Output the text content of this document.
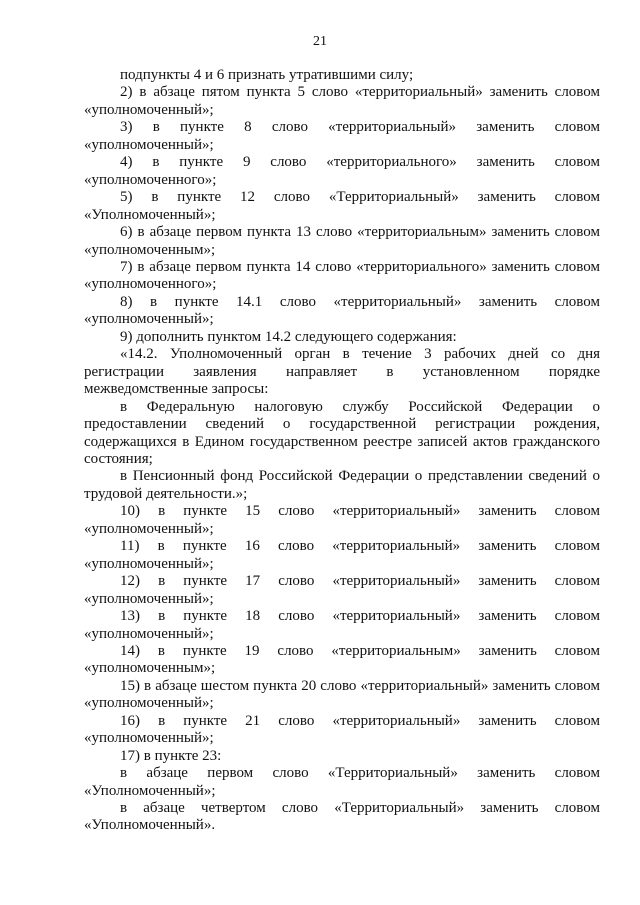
21
подпункты 4 и 6 признать утратившими силу;
2) в абзаце пятом пункта 5 слово «территориальный» заменить словом
«уполномоченный»;
3) в пункте 8 слово «территориальный» заменить словом
«уполномоченный»;
4) в пункте 9 слово «территориального» заменить словом
«уполномоченного»;
5) в пункте 12 слово «Территориальный» заменить словом
«Уполномоченный»;
6) в абзаце первом пункта 13 слово «территориальным» заменить словом
«уполномоченным»;
7) в абзаце первом пункта 14 слово «территориального» заменить словом
«уполномоченного»;
8) в пункте 14.1 слово «территориальный» заменить словом
«уполномоченный»;
9) дополнить пунктом 14.2 следующего содержания:
«14.2. Уполномоченный орган в течение 3 рабочих дней со дня
регистрации заявления направляет в установленном порядке
межведомственные запросы:
в Федеральную налоговую службу Российской Федерации о
предоставлении сведений о государственной регистрации рождения,
содержащихся в Едином государственном реестре записей актов гражданского
состояния;
в Пенсионный фонд Российской Федерации о представлении сведений о
трудовой деятельности.»;
10) в пункте 15 слово «территориальный» заменить словом
«уполномоченный»;
11) в пункте 16 слово «территориальный» заменить словом
«уполномоченный»;
12) в пункте 17 слово «территориальный» заменить словом
«уполномоченный»;
13) в пункте 18 слово «территориальный» заменить словом
«уполномоченный»;
14) в пункте 19 слово «территориальным» заменить словом
«уполномоченным»;
15) в абзаце шестом пункта 20 слово «территориальный» заменить словом
«уполномоченный»;
16) в пункте 21 слово «территориальный» заменить словом
«уполномоченный»;
17) в пункте 23:
в абзаце первом слово «Территориальный» заменить словом
«Уполномоченный»;
в абзаце четвертом слово «Территориальный» заменить словом
«Уполномоченный».
